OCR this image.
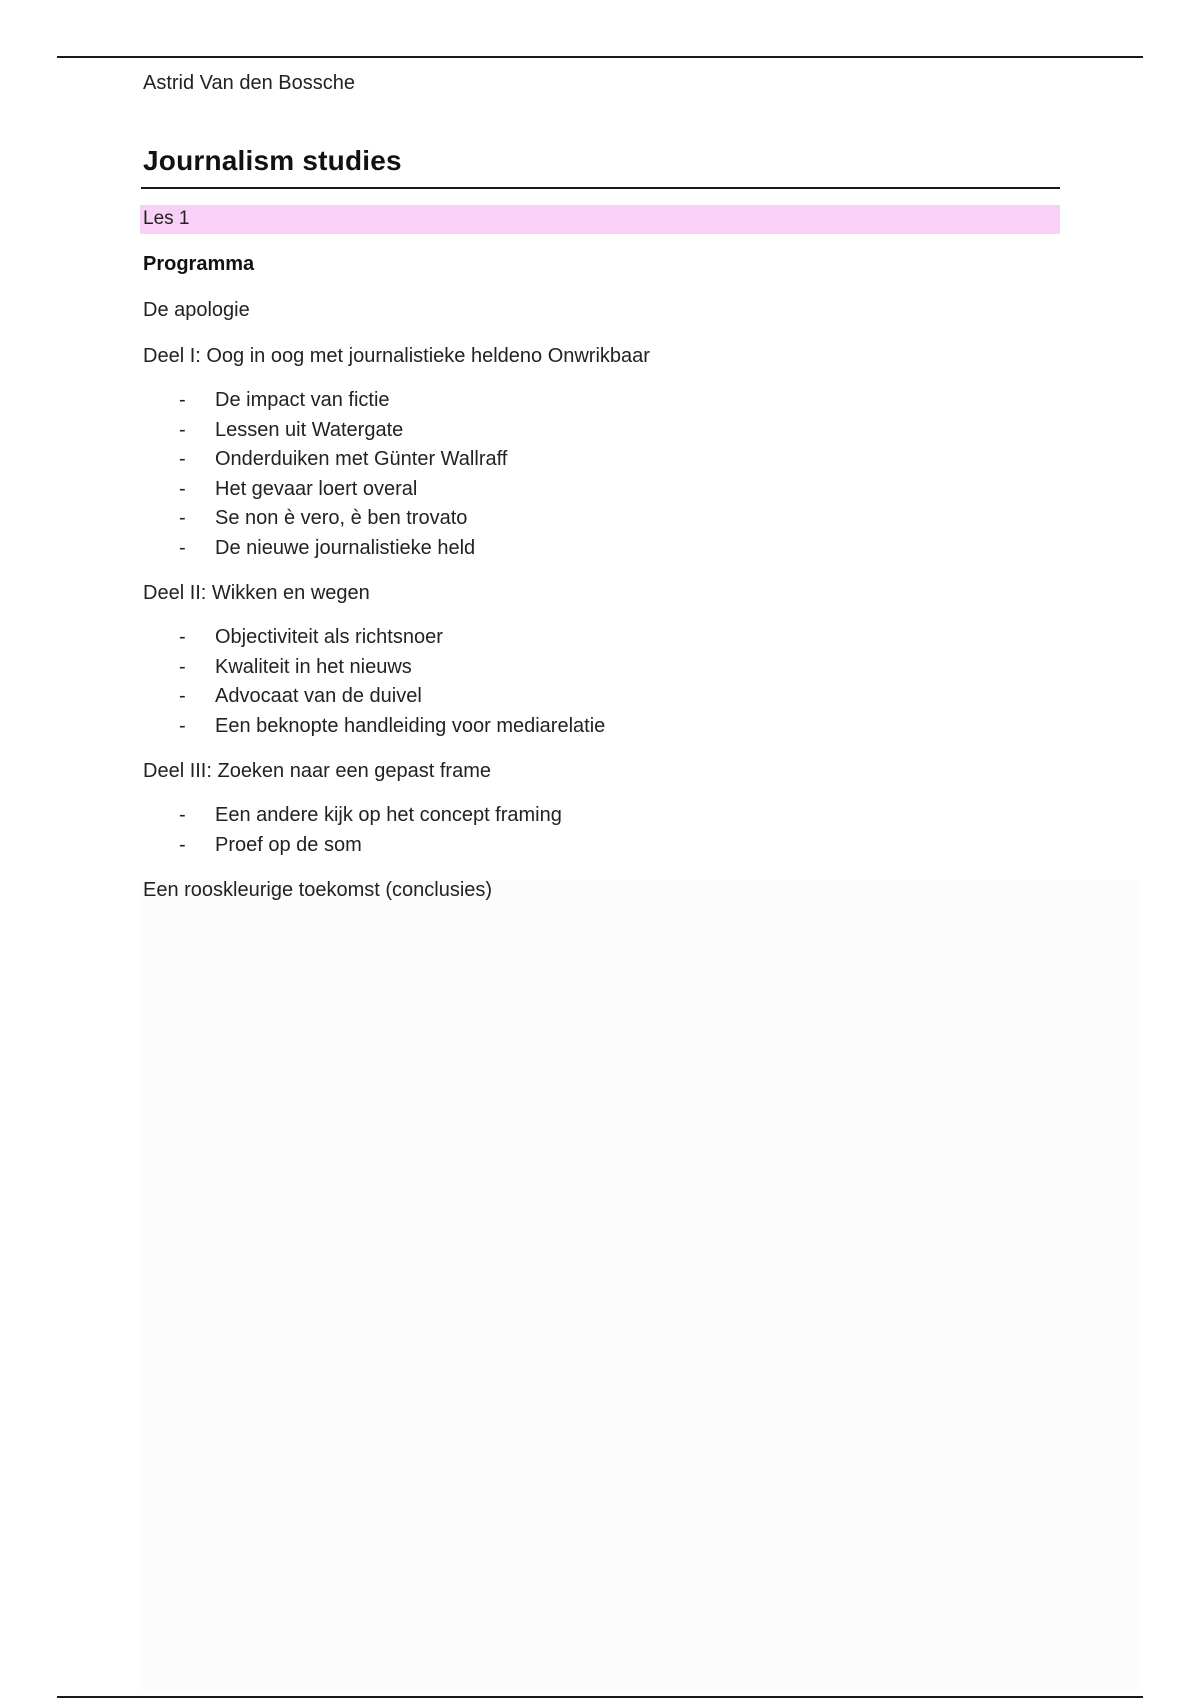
Astrid Van den Bossche
Journalism studies
Les 1

Programma

De apologie

Deel I: Oog in oog met journalistieke heldeno Onwrikbaar

- De impact van fictie
- Lessen uit Watergate
- Onderduiken met Günter Wallraff
- Het gevaar loert overal
- Se non è vero, è ben trovato
- De nieuwe journalistieke held

Deel II: Wikken en wegen

- Objectiviteit als richtsnoer
- Kwaliteit in het nieuws
- Advocaat van de duivel
- Een beknopte handleiding voor mediarelatie

Deel III: Zoeken naar een gepast frame

- Een andere kijk op het concept framing
- Proef op de som

Een rooskleurige toekomst (conclusies)
